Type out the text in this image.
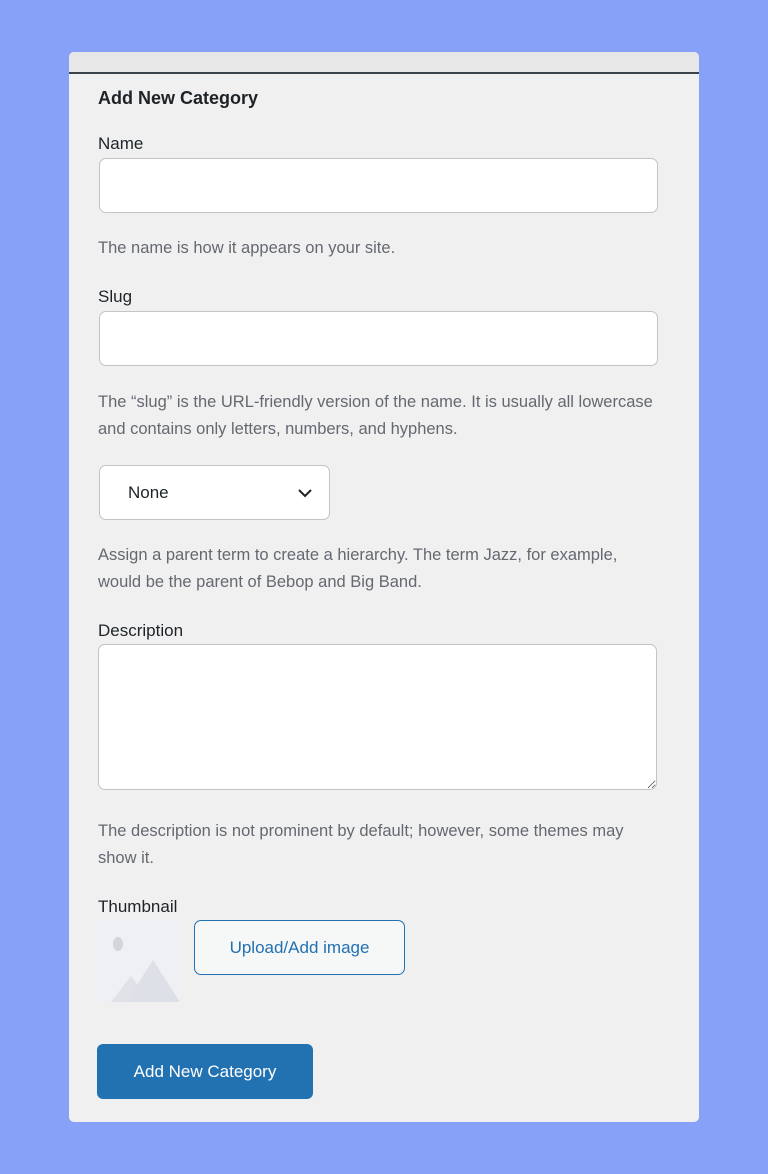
Add New Category
Name
The name is how it appears on your site.
Slug
The “slug” is the URL-friendly version of the name. It is usually all lowercase and contains only letters, numbers, and hyphens.
None
Assign a parent term to create a hierarchy. The term Jazz, for example, would be the parent of Bebop and Big Band.
Description
The description is not prominent by default; however, some themes may show it.
Thumbnail
Upload/Add image
Add New Category
